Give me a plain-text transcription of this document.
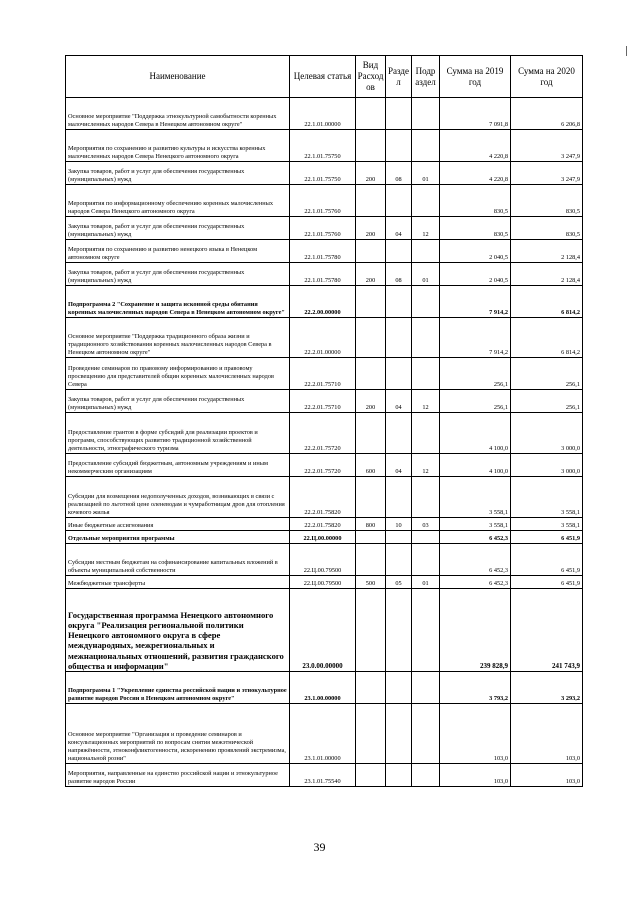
Наименование	Целевая статья	Вид Расход ов	Разде л	Подр аздел	Сумма на 2019 год	Сумма на 2020 год
Основное мероприятие "Поддержка этнокультурной самобытности коренных малочисленных народов Севера в Ненецком автономном округе"	22.1.01.00000				7 091,8	6 206,8
Мероприятия по сохранению и развитию культуры и искусства коренных малочисленных народов Севера Ненецкого автономного округа	22.1.01.75750				4 220,8	3 247,9
Закупка товаров, работ и услуг для обеспечения государственных (муниципальных) нужд	22.1.01.75750	200	08	01	4 220,8	3 247,9
Мероприятия по информационному обеспечению коренных малочисленных народов Севера Ненецкого автономного округа	22.1.01.75760				830,5	830,5
Закупка товаров, работ и услуг для обеспечения государственных (муниципальных) нужд	22.1.01.75760	200	04	12	830,5	830,5
Мероприятия по сохранению и развитию ненецкого языка в Ненецком автономном округе	22.1.01.75780				2 040,5	2 128,4
Закупка товаров, работ и услуг для обеспечения государственных (муниципальных) нужд	22.1.01.75780	200	08	01	2 040,5	2 128,4
Подпрограмма 2 "Сохранение и защита исконной среды обитания коренных малочисленных народов Севера в Ненецком автономном округе"	22.2.00.00000				7 914,2	6 814,2
Основное мероприятие "Поддержка традиционного образа жизни и традиционного хозяйствования коренных малочисленных народов Севера в Ненецком автономном округе"	22.2.01.00000				7 914,2	6 814,2
Проведение семинаров по правовому информированию и правовому просвещению для представителей общин коренных малочисленных народов Севера	22.2.01.75710				256,1	256,1
Закупка товаров, работ и услуг для обеспечения государственных (муниципальных) нужд	22.2.01.75710	200	04	12	256,1	256,1
Предоставление грантов в форме субсидий для реализации проектов и программ, способствующих развитию традиционной хозяйственной деятельности, этнографического туризма	22.2.01.75720				4 100,0	3 000,0
Предоставление субсидий бюджетным, автономным учреждениям и иным некоммерческим организациям	22.2.01.75720	600	04	12	4 100,0	3 000,0
Субсидии для возмещения недополученных доходов, возникающих в связи с реализацией по льготной цене оленеводам и чумработницам дров для отопления кочевого жилья	22.2.01.75820				3 558,1	3 558,1
Иные бюджетные ассигнования	22.2.01.75820	800	10	03	3 558,1	3 558,1
Отдельные мероприятия программы	22.Ц.00.00000				6 452,3	6 451,9
Субсидии местным бюджетам на софинансирование капитальных вложений в объекты муниципальной собственности	22.Ц.00.79500				6 452,3	6 451,9
Межбюджетные трансферты	22.Ц.00.79500	500	05	01	6 452,3	6 451,9
Государственная программа Ненецкого автономного округа "Реализация региональной политики Ненецкого автономного округа в сфере международных, межрегиональных и межнациональных отношений, развития гражданского общества и информации"	23.0.00.00000				239 828,9	241 743,9
Подпрограмма 1 "Укрепление единства российской нации и этнокультурное развитие народов России в Ненецком автономном округе"	23.1.00.00000				3 793,2	3 293,2
Основное мероприятие "Организация и проведение семинаров и консультационных мероприятий по вопросам снятия межэтнической напряжённости, этноконфликтогенности, искоренению проявлений экстремизма, национальной розни"	23.1.01.00000				103,0	103,0
Мероприятия, направленные на единство российской нации и этнокультурное развитие народов России	23.1.01.75540				103,0	103,0
39
